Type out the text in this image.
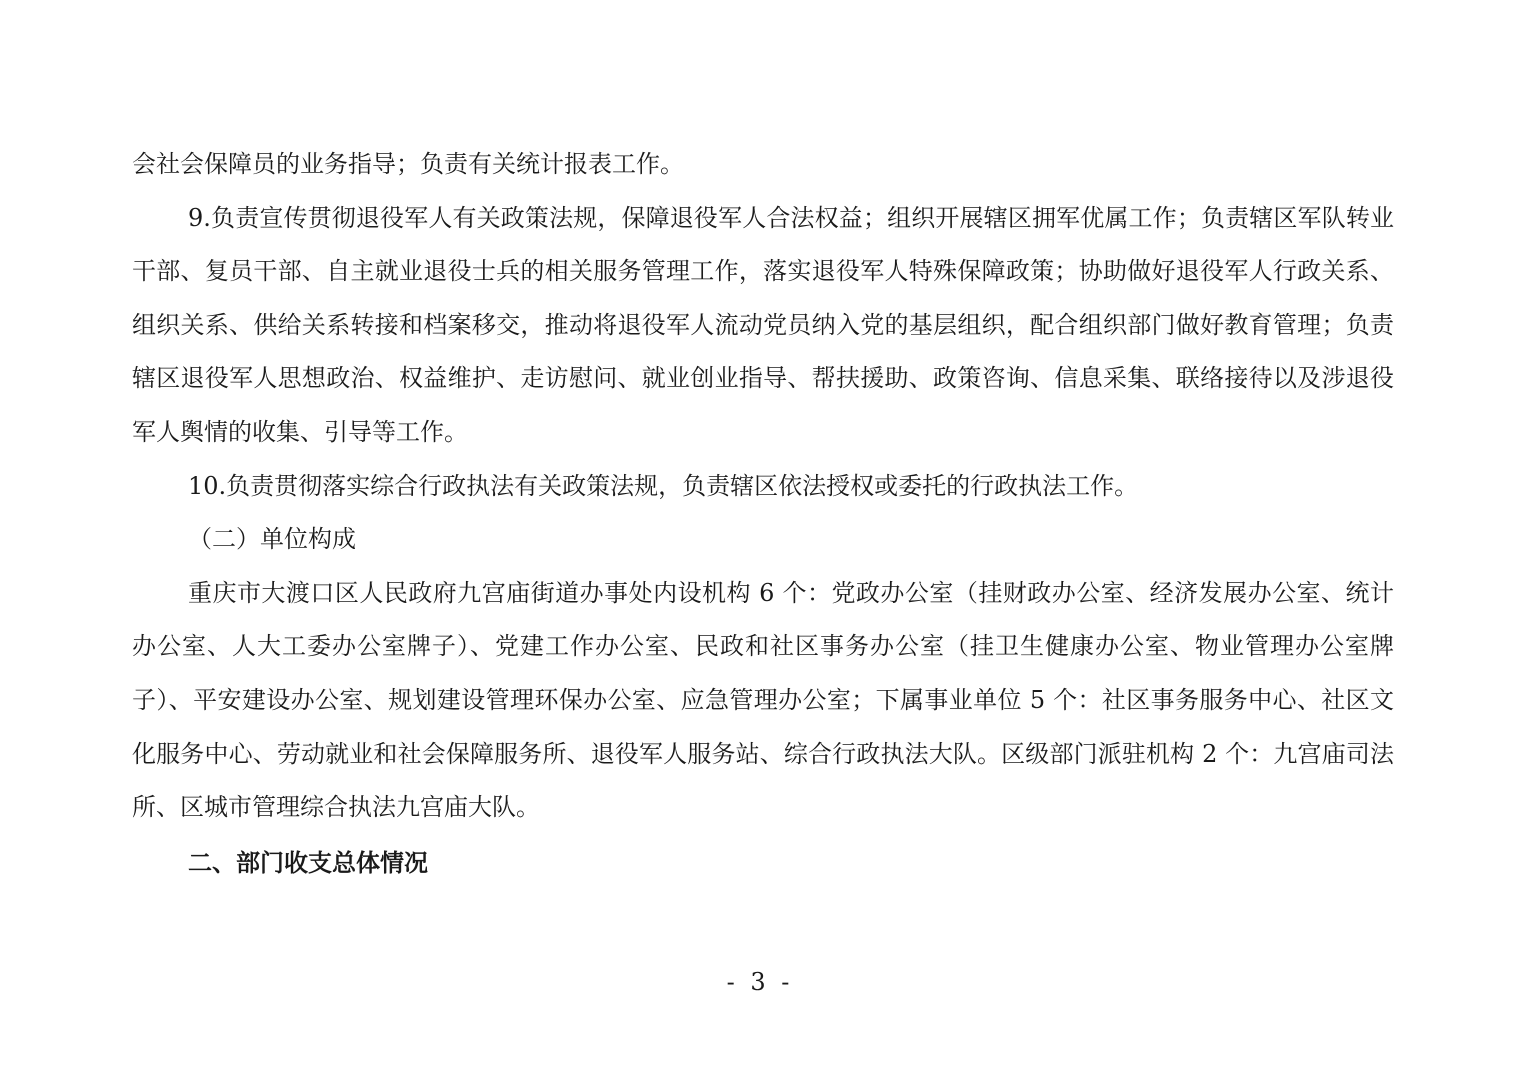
会社会保障员的业务指导；负责有关统计报表工作。

9.负责宣传贯彻退役军人有关政策法规，保障退役军人合法权益；组织开展辖区拥军优属工作；负责辖区军队转业干部、复员干部、自主就业退役士兵的相关服务管理工作，落实退役军人特殊保障政策；协助做好退役军人行政关系、组织关系、供给关系转接和档案移交，推动将退役军人流动党员纳入党的基层组织，配合组织部门做好教育管理；负责辖区退役军人思想政治、权益维护、走访慰问、就业创业指导、帮扶援助、政策咨询、信息采集、联络接待以及涉退役军人舆情的收集、引导等工作。

10.负责贯彻落实综合行政执法有关政策法规，负责辖区依法授权或委托的行政执法工作。

（二）单位构成

重庆市大渡口区人民政府九宫庙街道办事处内设机构 6 个：党政办公室（挂财政办公室、经济发展办公室、统计办公室、人大工委办公室牌子）、党建工作办公室、民政和社区事务办公室（挂卫生健康办公室、物业管理办公室牌子）、平安建设办公室、规划建设管理环保办公室、应急管理办公室；下属事业单位 5 个：社区事务服务中心、社区文化服务中心、劳动就业和社会保障服务所、退役军人服务站、综合行政执法大队。区级部门派驻机构 2 个：九宫庙司法所、区城市管理综合执法九宫庙大队。

二、部门收支总体情况

- 3 -
